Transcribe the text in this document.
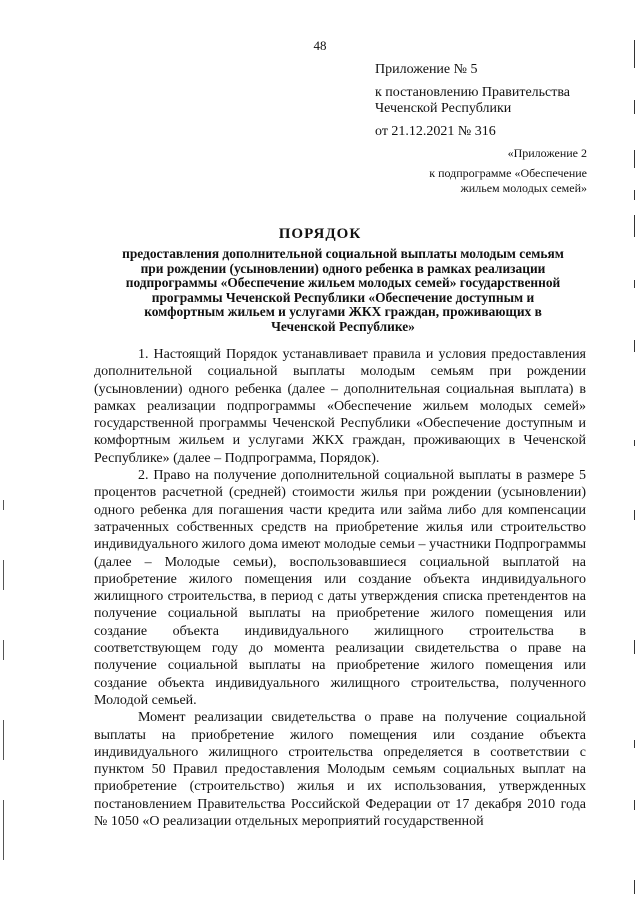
48
Приложение № 5
к постановлению Правительства
Чеченской Республики
от 21.12.2021 № 316
«Приложение 2
к подпрограмме «Обеспечение
жильем молодых семей»
ПОРЯДОК
предоставления дополнительной социальной выплаты молодым семьям
при рождении (усыновлении) одного ребенка в рамках реализации
подпрограммы «Обеспечение жильем молодых семей» государственной
программы Чеченской Республики «Обеспечение доступным и
комфортным жильем и услугами ЖКХ граждан, проживающих в
Чеченской Республике»

1. Настоящий Порядок устанавливает правила и условия предоставления дополнительной социальной выплаты молодым семьям при рождении (усыновлении) одного ребенка (далее – дополнительная социальная выплата) в рамках реализации подпрограммы «Обеспечение жильем молодых семей» государственной программы Чеченской Республики «Обеспечение доступным и комфортным жильем и услугами ЖКХ граждан, проживающих в Чеченской Республике» (далее – Подпрограмма, Порядок).

2. Право на получение дополнительной социальной выплаты в размере 5 процентов расчетной (средней) стоимости жилья при рождении (усыновлении) одного ребенка для погашения части кредита или займа либо для компенсации затраченных собственных средств на приобретение жилья или строительство индивидуального жилого дома имеют молодые семьи – участники Подпрограммы (далее – Молодые семьи), воспользовавшиеся социальной выплатой на приобретение жилого помещения или создание объекта индивидуального жилищного строительства, в период с даты утверждения списка претендентов на получение социальной выплаты на приобретение жилого помещения или создание объекта индивидуального жилищного строительства в соответствующем году до момента реализации свидетельства о праве на получение социальной выплаты на приобретение жилого помещения или создание объекта индивидуального жилищного строительства, полученного Молодой семьей.

Момент реализации свидетельства о праве на получение социальной выплаты на приобретение жилого помещения или создание объекта индивидуального жилищного строительства определяется в соответствии с пунктом 50 Правил предоставления Молодым семьям социальных выплат на приобретение (строительство) жилья и их использования, утвержденных постановлением Правительства Российской Федерации от 17 декабря 2010 года № 1050 «О реализации отдельных мероприятий государственной
